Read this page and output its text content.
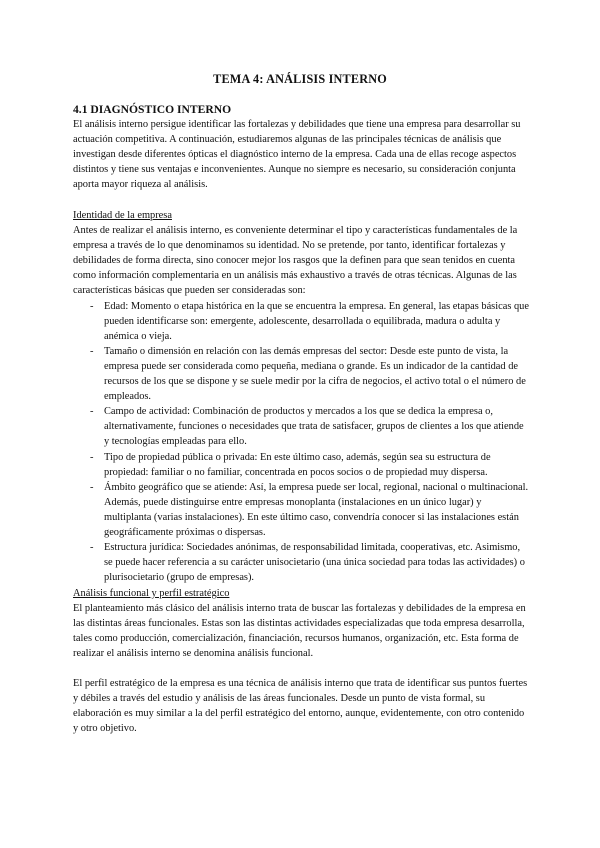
TEMA 4: ANÁLISIS INTERNO
4.1 DIAGNÓSTICO INTERNO

El análisis interno persigue identificar las fortalezas y debilidades que tiene una empresa para desarrollar su actuación competitiva. A continuación, estudiaremos algunas de las principales técnicas de análisis que investigan desde diferentes ópticas el diagnóstico interno de la empresa. Cada una de ellas recoge aspectos distintos y tiene sus ventajas e inconvenientes. Aunque no siempre es necesario, su consideración conjunta aporta mayor riqueza al análisis.

Identidad de la empresa

Antes de realizar el análisis interno, es conveniente determinar el tipo y características fundamentales de la empresa a través de lo que denominamos su identidad. No se pretende, por tanto, identificar fortalezas y debilidades de forma directa, sino conocer mejor los rasgos que la definen para que sean tenidos en cuenta como información complementaria en un análisis más exhaustivo a través de otras técnicas. Algunas de las características básicas que pueden ser consideradas son:

- Edad: Momento o etapa histórica en la que se encuentra la empresa. En general, las etapas básicas que pueden identificarse son: emergente, adolescente, desarrollada o equilibrada, madura o adulta y anémica o vieja.
- Tamaño o dimensión en relación con las demás empresas del sector: Desde este punto de vista, la empresa puede ser considerada como pequeña, mediana o grande. Es un indicador de la cantidad de recursos de los que se dispone y se suele medir por la cifra de negocios, el activo total o el número de empleados.
- Campo de actividad: Combinación de productos y mercados a los que se dedica la empresa o, alternativamente, funciones o necesidades que trata de satisfacer, grupos de clientes a los que atiende y tecnologías empleadas para ello.
- Tipo de propiedad pública o privada: En este último caso, además, según sea su estructura de propiedad: familiar o no familiar, concentrada en pocos socios o de propiedad muy dispersa.
- Ámbito geográfico que se atiende: Así, la empresa puede ser local, regional, nacional o multinacional. Además, puede distinguirse entre empresas monoplanta (instalaciones en un único lugar) y multiplanta (varias instalaciones). En este último caso, convendría conocer si las instalaciones están geográficamente próximas o dispersas.
- Estructura jurídica: Sociedades anónimas, de responsabilidad limitada, cooperativas, etc. Asimismo, se puede hacer referencia a su carácter unisocietario (una única sociedad para todas las actividades) o plurisocietario (grupo de empresas).
Análisis funcional y perfil estratégico

El planteamiento más clásico del análisis interno trata de buscar las fortalezas y debilidades de la empresa en las distintas áreas funcionales. Estas son las distintas actividades especializadas que toda empresa desarrolla, tales como producción, comercialización, financiación, recursos humanos, organización, etc. Esta forma de realizar el análisis interno se denomina análisis funcional.

El perfil estratégico de la empresa es una técnica de análisis interno que trata de identificar sus puntos fuertes y débiles a través del estudio y análisis de las áreas funcionales. Desde un punto de vista formal, su elaboración es muy similar a la del perfil estratégico del entorno, aunque, evidentemente, con otro contenido y otro objetivo.
